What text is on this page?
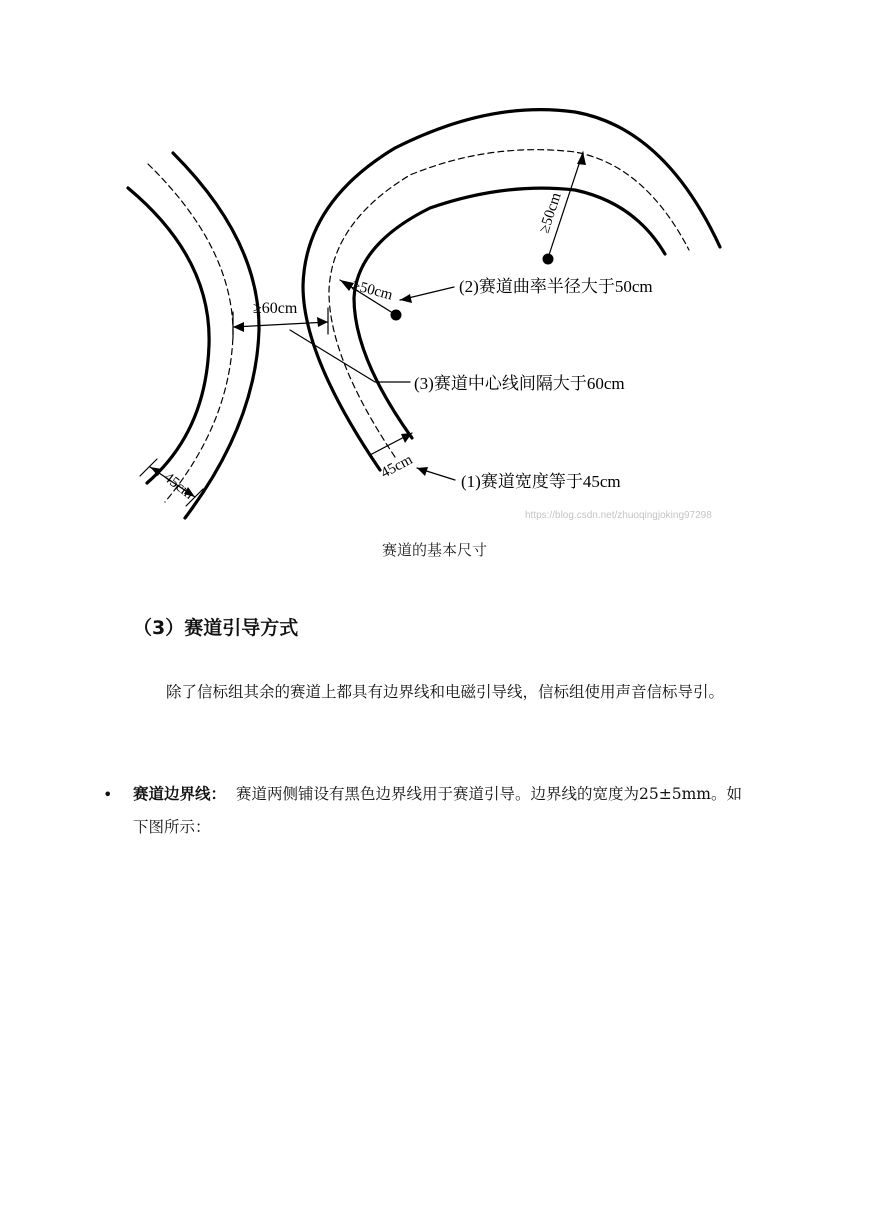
≥60cm
≥50cm
≥50cm
45cm
45cm
(2)赛道曲率半径大于50cm
(3)赛道中心线间隔大于60cm
(1)赛道宽度等于45cm
https://blog.csdn.net/zhuoqingjoking97298
赛道的基本尺寸
（3）赛道引导方式
除了信标组其余的赛道上都具有边界线和电磁引导线，信标组使用声音信标导引。
• 赛道边界线： 赛道两侧铺设有黑色边界线用于赛道引导。边界线的宽度为25±5mm。如下图所示：
